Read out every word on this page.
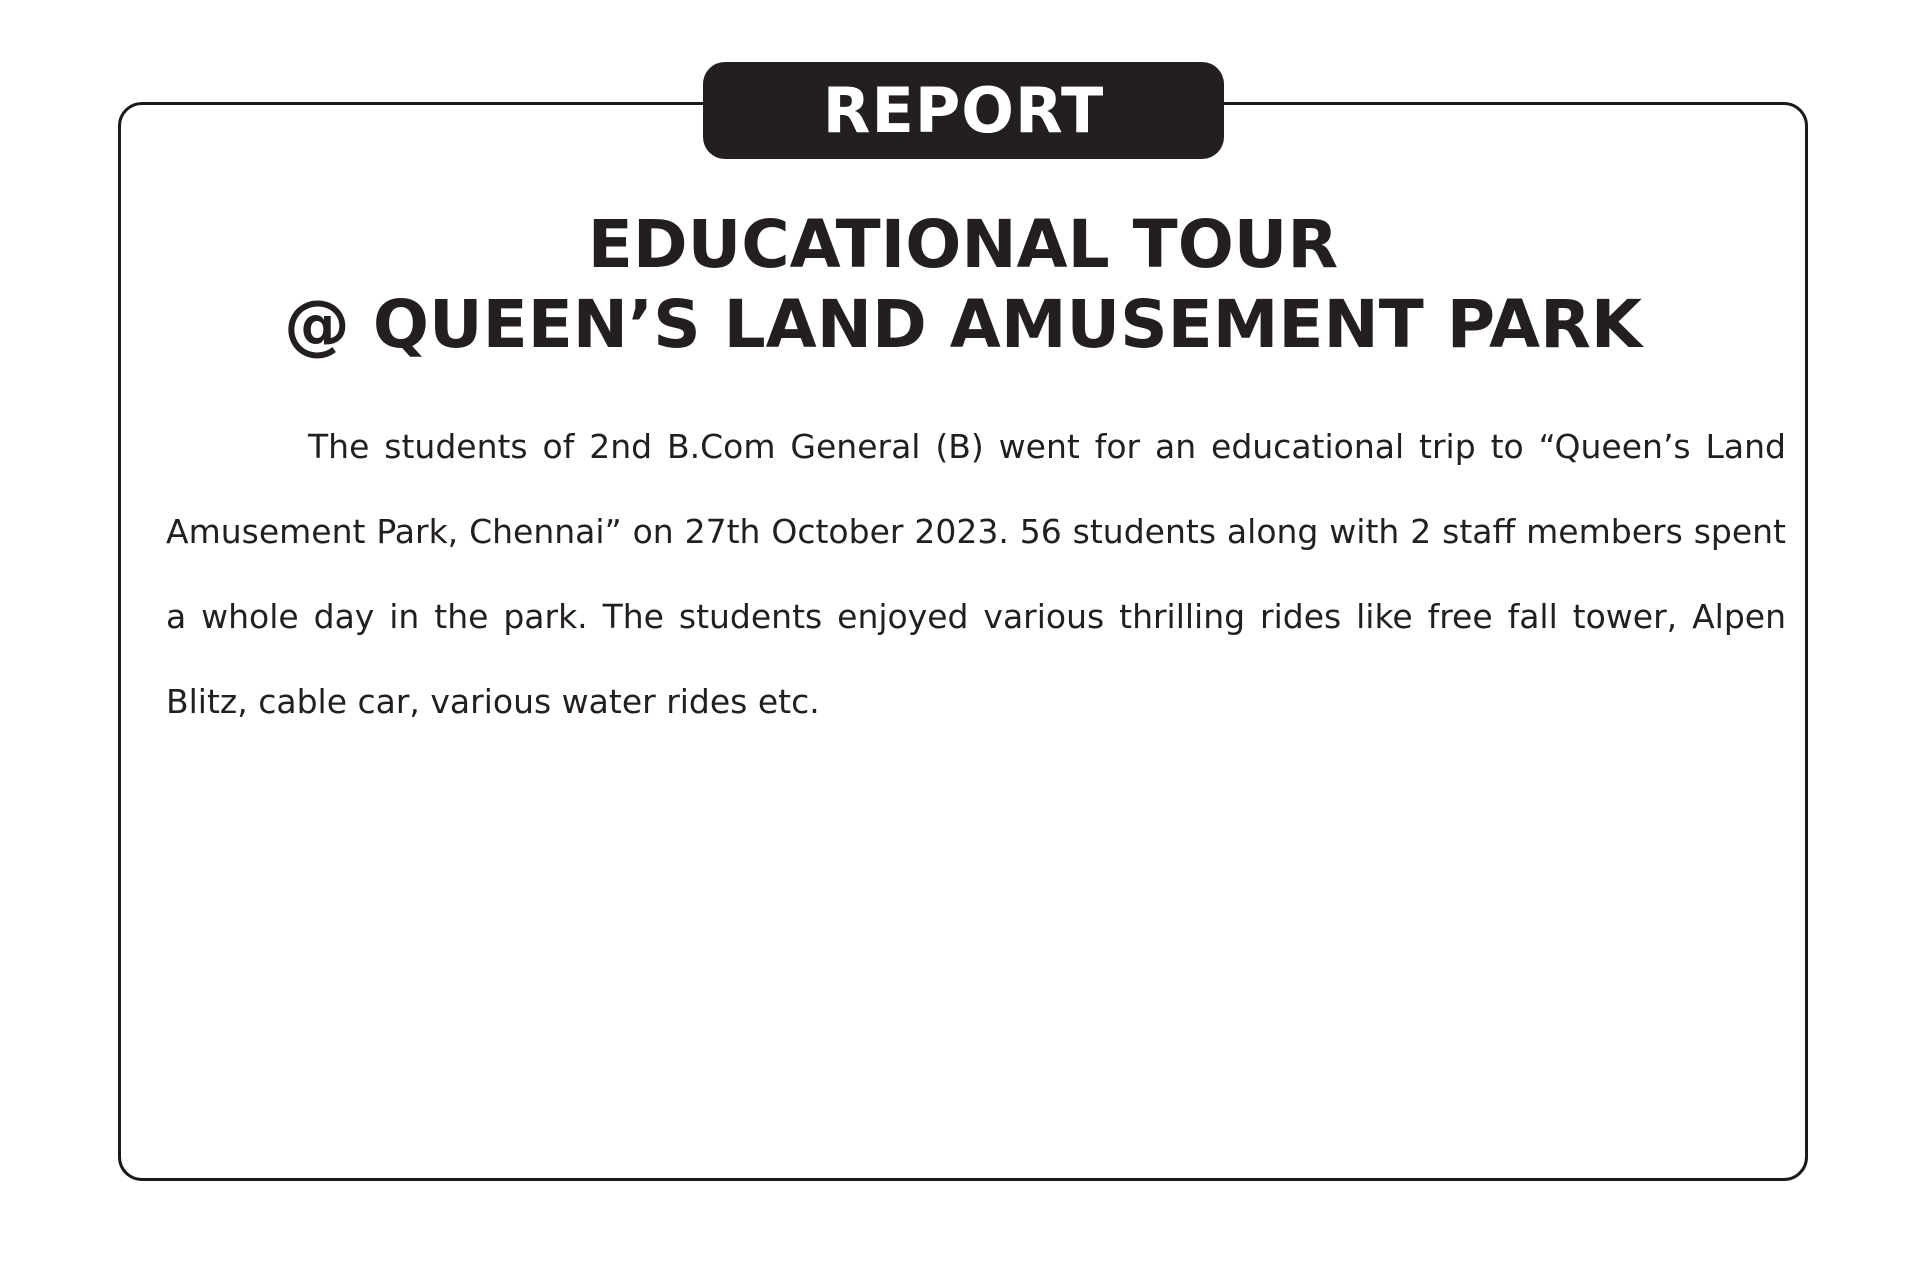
REPORT
EDUCATIONAL TOUR
@ QUEEN’S LAND AMUSEMENT PARK

The students of 2nd B.Com General (B) went for an educational trip to “Queen’s Land Amusement Park, Chennai” on 27th October 2023. 56 students along with 2 staff members spent a whole day in the park. The students enjoyed various thrilling rides like free fall tower, Alpen Blitz, cable car, various water rides etc.
